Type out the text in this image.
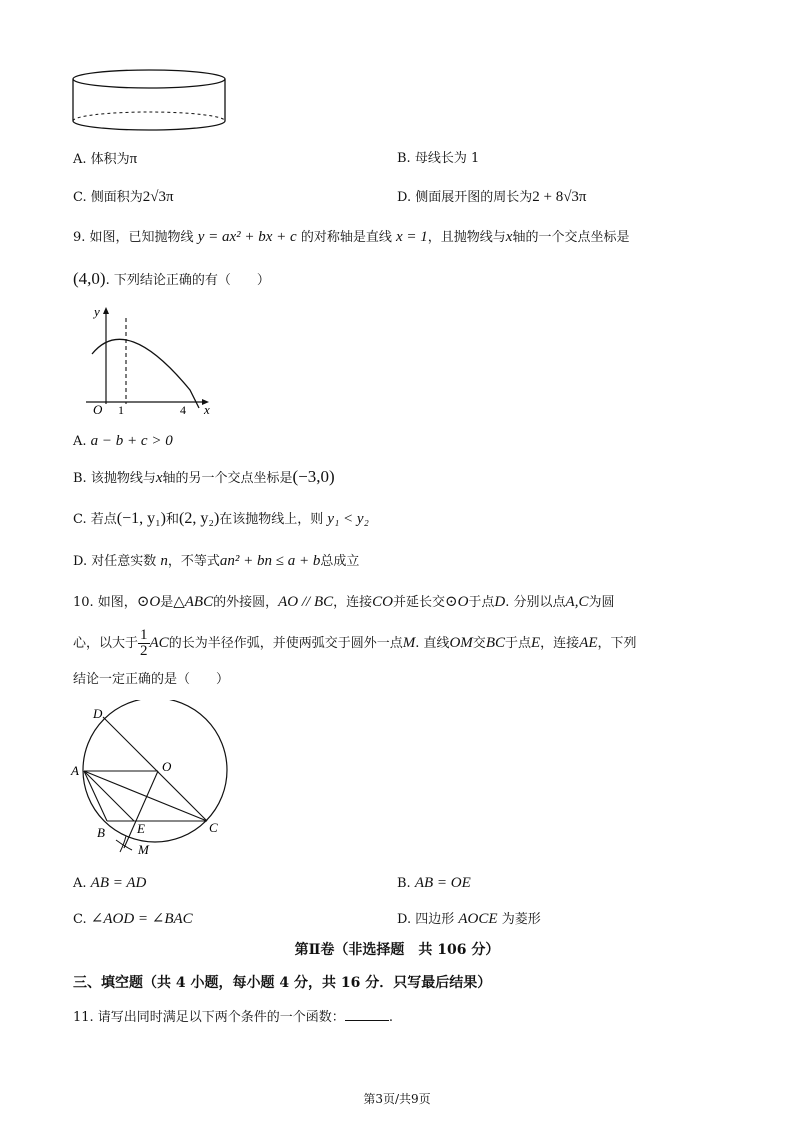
A. 体积为π	B. 母线长为 1
C. 侧面积为2√3π	D. 侧面展开图的周长为2 + 8√3π
9. 如图，已知抛物线 y = ax² + bx + c 的对称轴是直线 x = 1，且抛物线与x轴的一个交点坐标是
(4,0). 下列结论正确的有（　　）
y
x
O 1	4
A. a − b + c > 0
B. 该抛物线与x轴的另一个交点坐标是(−3,0)
C. 若点(−1, y₁)和(2, y₂)在该抛物线上，则 y₁ < y₂
D. 对任意实数 n，不等式an² + bn ≤ a + b总成立
10. 如图，⊙O是△ABC的外接圆，AO // BC，连接CO并延长交⊙O于点D. 分别以点A,C为圆
心，以大于 $\frac{1}{2}$ AC的长为半径作弧，并使两弧交于圆外一点M. 直线OM交BC于点E，连接AE，下列
结论一定正确的是（　　）
D
A	O
B E	C
M
A. AB = AD	B. AB = OE
C. ∠AOD = ∠BAC	D. 四边形 AOCE 为菱形
第Ⅱ卷（非选择题　共 106 分）
三、填空题（共 4 小题，每小题 4 分，共 16 分．只写最后结果）
11. 请写出同时满足以下两个条件的一个函数：	.
第3页/共9页
